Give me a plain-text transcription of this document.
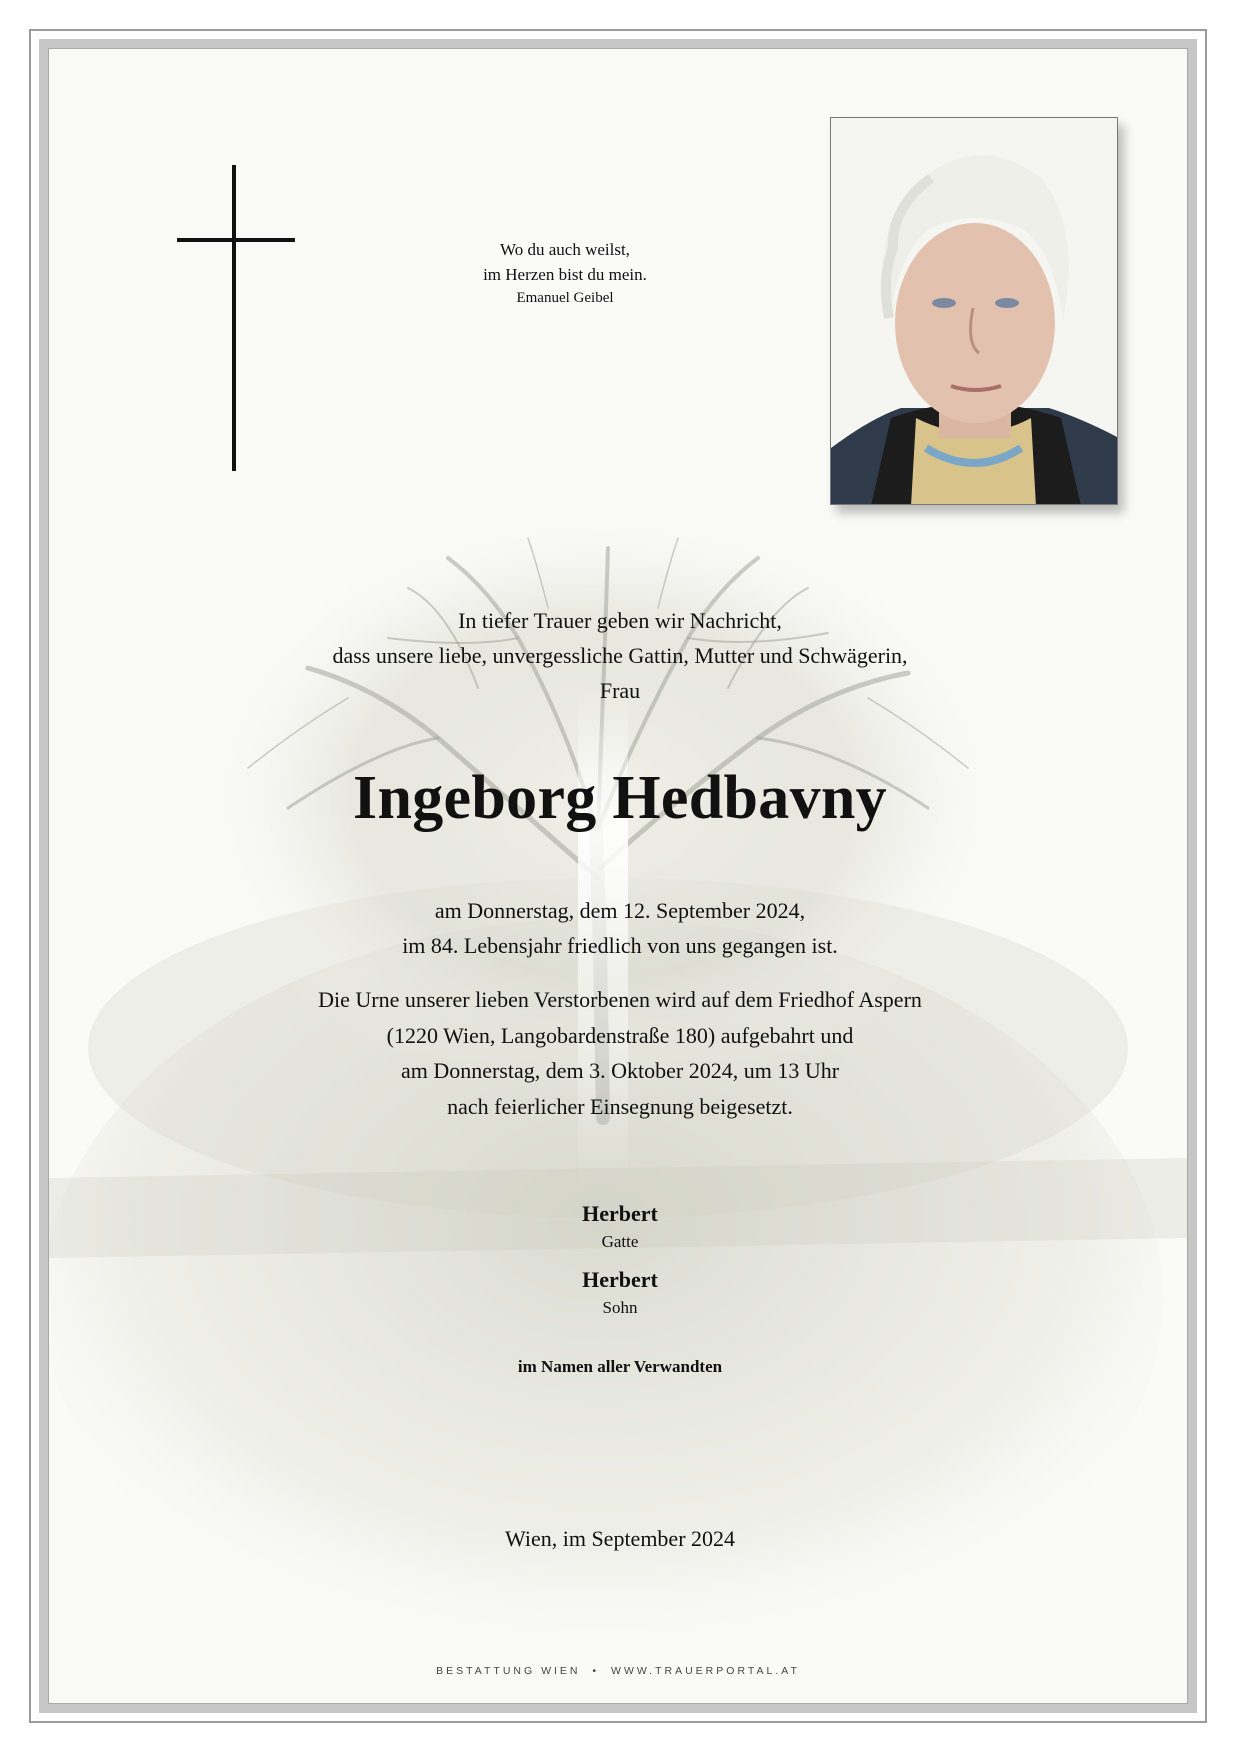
Wo du auch weilst,
im Herzen bist du mein.
Emanuel Geibel
In tiefer Trauer geben wir Nachricht,
dass unsere liebe, unvergessliche Gattin, Mutter und Schwägerin,
Frau
Ingeborg Hedbavny
am Donnerstag, dem 12. September 2024,
im 84. Lebensjahr friedlich von uns gegangen ist.
Die Urne unserer lieben Verstorbenen wird auf dem Friedhof Aspern
(1220 Wien, Langobardenstraße 180) aufgebahrt und
am Donnerstag, dem 3. Oktober 2024, um 13 Uhr
nach feierlicher Einsegnung beigesetzt.
Herbert
Gatte
Herbert
Sohn
im Namen aller Verwandten
Wien, im September 2024
BESTATTUNG WIEN • WWW.TRAUERPORTAL.AT
